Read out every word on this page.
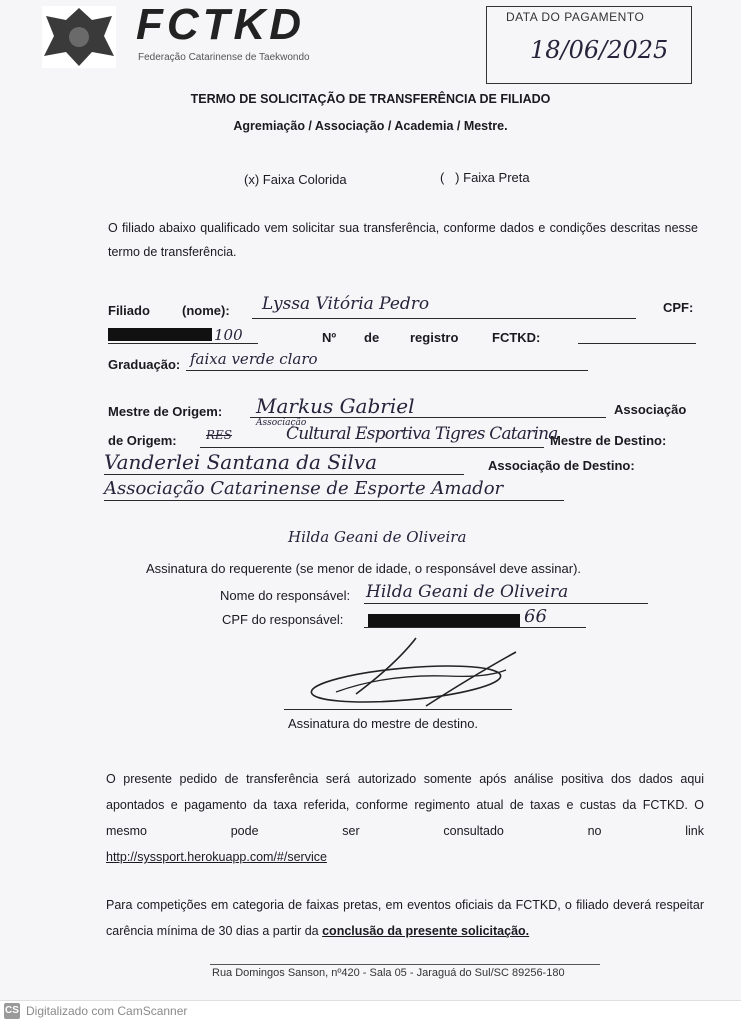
FCTKD
Federação Catarinense de Taekwondo
DATA DO PAGAMENTO
18/06/2025
TERMO DE SOLICITAÇÃO DE TRANSFERÊNCIA DE FILIADO
Agremiação / Associação / Academia / Mestre.
(x) Faixa Colorida	(   ) Faixa Preta
O filiado abaixo qualificado vem solicitar sua transferência, conforme dados e condições descritas nesse termo de transferência.
Filiado (nome): Lyssa Vitória Pedro	CPF:
100	Nº de registro	FCTKD:
Graduação: faixa verde claro
Mestre de Origem: Markus Gabriel	Associação
de Origem:
Associação
RES	Cultural Esportiva Tigres Catarina
Mestre de Destino:
Vanderlei Santana da Silva	Associação de Destino:
Associação Catarinense de Esporte Amador
Hilda Geani de Oliveira
Assinatura do requerente (se menor de idade, o responsável deve assinar).
Nome do responsável: Hilda Geani de Oliveira
CPF do responsável:	66
Assinatura do mestre de destino.
O presente pedido de transferência será autorizado somente após análise positiva dos dados aqui apontados e pagamento da taxa referida, conforme regimento atual de taxas e custas da FCTKD. O mesmo pode ser consultado no link http://syssport.herokuapp.com/#/service
Para competições em categoria de faixas pretas, em eventos oficiais da FCTKD, o filiado deverá respeitar carência mínima de 30 dias a partir da conclusão da presente solicitação.
Rua Domingos Sanson, nº420 - Sala 05 - Jaraguá do Sul/SC 89256-180
CS Digitalizado com CamScanner
